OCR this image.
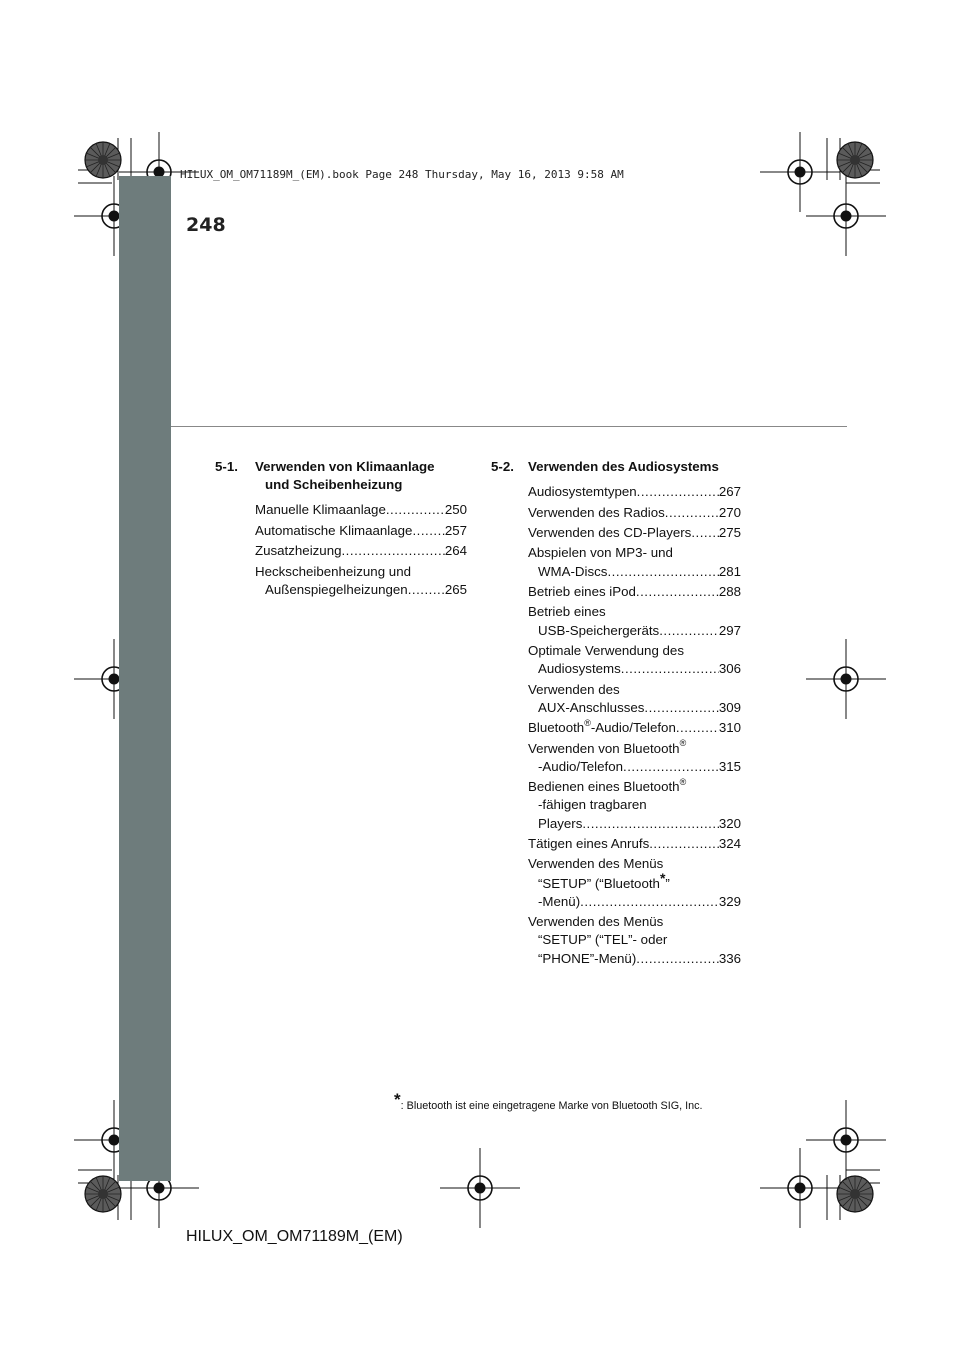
HILUX_OM_OM71189M_(EM).book Page 248 Thursday, May 16, 2013 9:58 AM
248
5-1. Verwenden von Klimaanlage
und Scheibenheizung
Manuelle Klimaanlage .....	250
Automatische Klimaanlage ..... 257
Zusatzheizung .....	264
Heckscheibenheizung und
Außenspiegelheizungen .....	265
5-2. Verwenden des Audiosystems
Audiosystemtypen .....	267
Verwenden des Radios .....	270
Verwenden des CD-Players ..... 275
Abspielen von MP3- und
WMA-Discs .....	281
Betrieb eines iPod .....	288
Betrieb eines
USB-Speichergeräts .....	297
Optimale Verwendung des
Audiosystems .....	306
Verwenden des
AUX-Anschlusses .....	309
Bluetooth®-Audio/Telefon .....	310
Verwenden von Bluetooth®
-Audio/Telefon .....	315
Bedienen eines Bluetooth®
-fähigen tragbaren
Players .....	320
Tätigen eines Anrufs .....	324
Verwenden des Menüs
“SETUP” (“Bluetooth*”
-Menü) .....	329
Verwenden des Menüs
“SETUP” (“TEL”- oder
“PHONE”-Menü) .....	336
*: Bluetooth ist eine eingetragene Marke von Bluetooth SIG, Inc.
HILUX_OM_OM71189M_(EM)
